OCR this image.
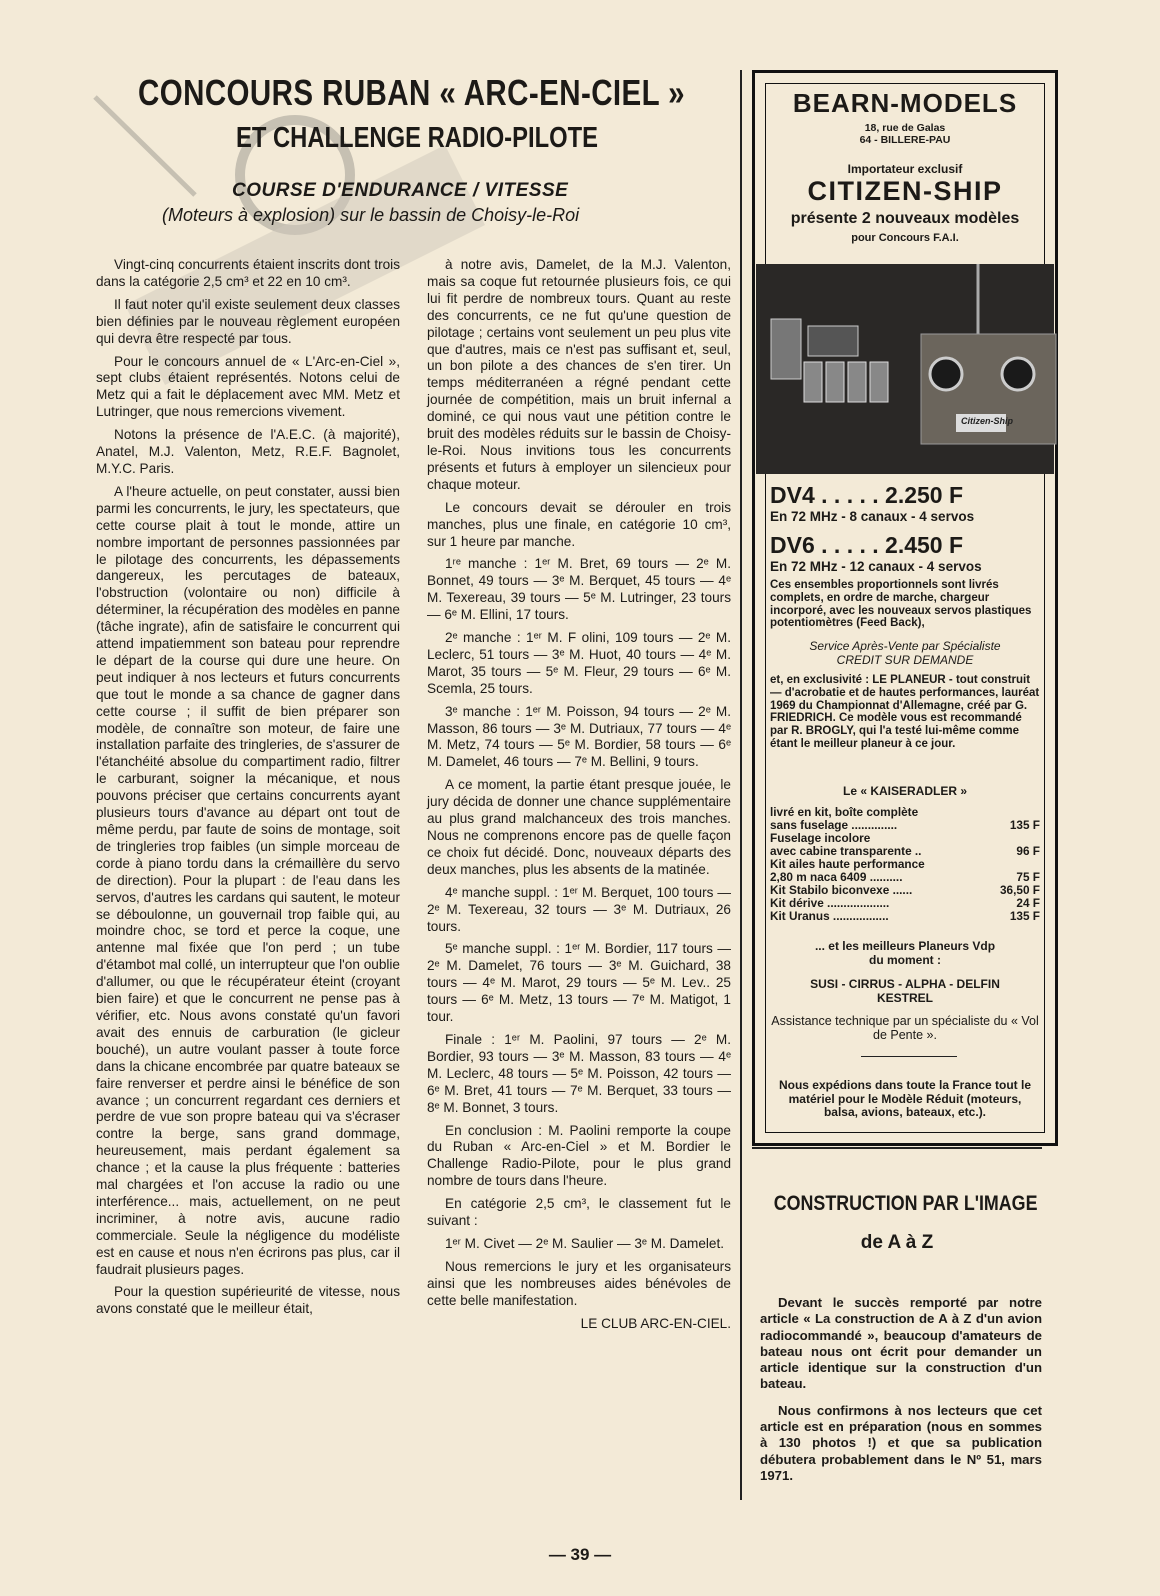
CONCOURS RUBAN « ARC-EN-CIEL »
ET CHALLENGE RADIO-PILOTE
COURSE D'ENDURANCE / VITESSE
(Moteurs à explosion) sur le bassin de Choisy-le-Roi

Vingt-cinq concurrents étaient inscrits dont trois dans la catégorie 2,5 cm³ et 22 en 10 cm³.

Il faut noter qu'il existe seulement deux classes bien définies par le nouveau règlement européen qui devra être respecté par tous.

Pour le concours annuel de « L'Arc-en-Ciel », sept clubs étaient représentés. Notons celui de Metz qui a fait le déplacement avec MM. Metz et Lutringer, que nous remercions vivement.

Notons la présence de l'A.E.C. (à majorité), Anatel, M.J. Valenton, Metz, R.E.F. Bagnolet, M.Y.C. Paris.

A l'heure actuelle, on peut constater, aussi bien parmi les concurrents, le jury, les spectateurs, que cette course plait à tout le monde, attire un nombre important de personnes passionnées par le pilotage des concurrents, les dépassements dangereux, les percutages de bateaux, l'obstruction (volontaire ou non) difficile à déterminer, la récupération des modèles en panne (tâche ingrate), afin de satisfaire le concurrent qui attend impatiemment son bateau pour reprendre le départ de la course qui dure une heure. On peut indiquer à nos lecteurs et futurs concurrents que tout le monde a sa chance de gagner dans cette course ; il suffit de bien préparer son modèle, de connaître son moteur, de faire une installation parfaite des tringleries, de s'assurer de l'étanchéité absolue du compartiment radio, filtrer le carburant, soigner la mécanique, et nous pouvons préciser que certains concurrents ayant plusieurs tours d'avance au départ ont tout de même perdu, par faute de soins de montage, soit de tringleries trop faibles (un simple morceau de corde à piano tordu dans la crémaillère du servo de direction). Pour la plupart : de l'eau dans les servos, d'autres les cardans qui sautent, le moteur se déboulonne, un gouvernail trop faible qui, au moindre choc, se tord et perce la coque, une antenne mal fixée que l'on perd ; un tube d'étambot mal collé, un interrupteur que l'on oublie d'allumer, ou que le récupérateur éteint (croyant bien faire) et que le concurrent ne pense pas à vérifier, etc. Nous avons constaté qu'un favori avait des ennuis de carburation (le gicleur bouché), un autre voulant passer à toute force dans la chicane encombrée par quatre bateaux se faire renverser et perdre ainsi le bénéfice de son avance ; un concurrent regardant ces derniers et perdre de vue son propre bateau qui va s'écraser contre la berge, sans grand dommage, heureusement, mais perdant également sa chance ; et la cause la plus fréquente : batteries mal chargées et l'on accuse la radio ou une interférence... mais, actuellement, on ne peut incriminer, à notre avis, aucune radio commerciale. Seule la négligence du modéliste est en cause et nous n'en écrirons pas plus, car il faudrait plusieurs pages.

Pour la question supérieurité de vitesse, nous avons constaté que le meilleur était,

à notre avis, Damelet, de la M.J. Valenton, mais sa coque fut retournée plusieurs fois, ce qui lui fit perdre de nombreux tours. Quant au reste des concurrents, ce ne fut qu'une question de pilotage ; certains vont seulement un peu plus vite que d'autres, mais ce n'est pas suffisant et, seul, un bon pilote a des chances de s'en tirer. Un temps méditerranéen a régné pendant cette journée de compétition, mais un bruit infernal a dominé, ce qui nous vaut une pétition contre le bruit des modèles réduits sur le bassin de Choisy-le-Roi. Nous invitions tous les concurrents présents et futurs à employer un silencieux pour chaque moteur.

Le concours devait se dérouler en trois manches, plus une finale, en catégorie 10 cm³, sur 1 heure par manche.

1ʳᵉ manche : 1ᵉʳ M. Bret, 69 tours — 2ᵉ M. Bonnet, 49 tours — 3ᵉ M. Berquet, 45 tours — 4ᵉ M. Texereau, 39 tours — 5ᵉ M. Lutringer, 23 tours — 6ᵉ M. Ellini, 17 tours.

2ᵉ manche : 1ᵉʳ M. F olini, 109 tours — 2ᵉ M. Leclerc, 51 tours — 3ᵉ M. Huot, 40 tours — 4ᵉ M. Marot, 35 tours — 5ᵉ M. Fleur, 29 tours — 6ᵉ M. Scemla, 25 tours.

3ᵉ manche : 1ᵉʳ M. Poisson, 94 tours — 2ᵉ M. Masson, 86 tours — 3ᵉ M. Dutriaux, 77 tours — 4ᵉ M. Metz, 74 tours — 5ᵉ M. Bordier, 58 tours — 6ᵉ M. Damelet, 46 tours — 7ᵉ M. Bellini, 9 tours.

A ce moment, la partie étant presque jouée, le jury décida de donner une chance supplémentaire au plus grand malchanceux des trois manches. Nous ne comprenons encore pas de quelle façon ce choix fut décidé. Donc, nouveaux départs des deux manches, plus les absents de la matinée.

4ᵉ manche suppl. : 1ᵉʳ M. Berquet, 100 tours — 2ᵉ M. Texereau, 32 tours — 3ᵉ M. Dutriaux, 26 tours.

5ᵉ manche suppl. : 1ᵉʳ M. Bordier, 117 tours — 2ᵉ M. Damelet, 76 tours — 3ᵉ M. Guichard, 38 tours — 4ᵉ M. Marot, 29 tours — 5ᵉ M. Lev.. 25 tours — 6ᵉ M. Metz, 13 tours — 7ᵉ M. Matigot, 1 tour.

Finale : 1ᵉʳ M. Paolini, 97 tours — 2ᵉ M. Bordier, 93 tours — 3ᵉ M. Masson, 83 tours — 4ᵉ M. Leclerc, 48 tours — 5ᵉ M. Poisson, 42 tours — 6ᵉ M. Bret, 41 tours — 7ᵉ M. Berquet, 33 tours — 8ᵉ M. Bonnet, 3 tours.

En conclusion : M. Paolini remporte la coupe du Ruban « Arc-en-Ciel » et M. Bordier le Challenge Radio-Pilote, pour le plus grand nombre de tours dans l'heure.

En catégorie 2,5 cm³, le classement fut le suivant :

1ᵉʳ M. Civet — 2ᵉ M. Saulier — 3ᵉ M. Damelet.

Nous remercions le jury et les organisateurs ainsi que les nombreuses aides bénévoles de cette belle manifestation.

LE CLUB ARC-EN-CIEL.

BEARN-MODELS
18, rue de Galas
64 - BILLERE-PAU
Importateur exclusif
CITIZEN-SHIP
présente 2 nouveaux modèles
pour Concours F.A.I.
Citizen-Ship
DV4 . . . . . 2.250 F
En 72 MHz - 8 canaux - 4 servos
DV6 . . . . . 2.450 F
En 72 MHz - 12 canaux - 4 servos
Ces ensembles proportionnels sont livrés complets, en ordre de marche, chargeur incorporé, avec les nouveaux servos plastiques potentiomètres (Feed Back),
Service Après-Vente par Spécialiste
CREDIT SUR DEMANDE
et, en exclusivité : LE PLANEUR - tout construit — d'acrobatie et de hautes performances, lauréat 1969 du Championnat d'Allemagne, créé par G. FRIEDRICH. Ce modèle vous est recommandé par R. BROGLY, qui l'a testé lui-même comme étant le meilleur planeur à ce jour.
Le « KAISERADLER »
livré en kit, boîte complète
sans fuselage ..............	135 F
Fuselage incolore
avec cabine transparente ..	96 F
Kit ailes haute performance
2,80 m naca 6409 ..........	75 F
Kit Stabilo biconvexe ......	36,50 F
Kit dérive ...................	24 F
Kit Uranus .................	135 F
... et les meilleurs Planeurs Vdp
du moment :
SUSI - CIRRUS - ALPHA - DELFIN
KESTREL
Assistance technique par un spécialiste du « Vol de Pente ».
Nous expédions dans toute la France tout le matériel pour le Modèle Réduit (moteurs, balsa, avions, bateaux, etc.).
CONSTRUCTION PAR L'IMAGE
de A à Z

Devant le succès remporté par notre article « La construction de A à Z d'un avion radiocommandé », beaucoup d'amateurs de bateau nous ont écrit pour demander un article identique sur la construction d'un bateau.

Nous confirmons à nos lecteurs que cet article est en préparation (nous en sommes à 130 photos !) et que sa publication débutera probablement dans le Nº 51, mars 1971.

— 39 —
